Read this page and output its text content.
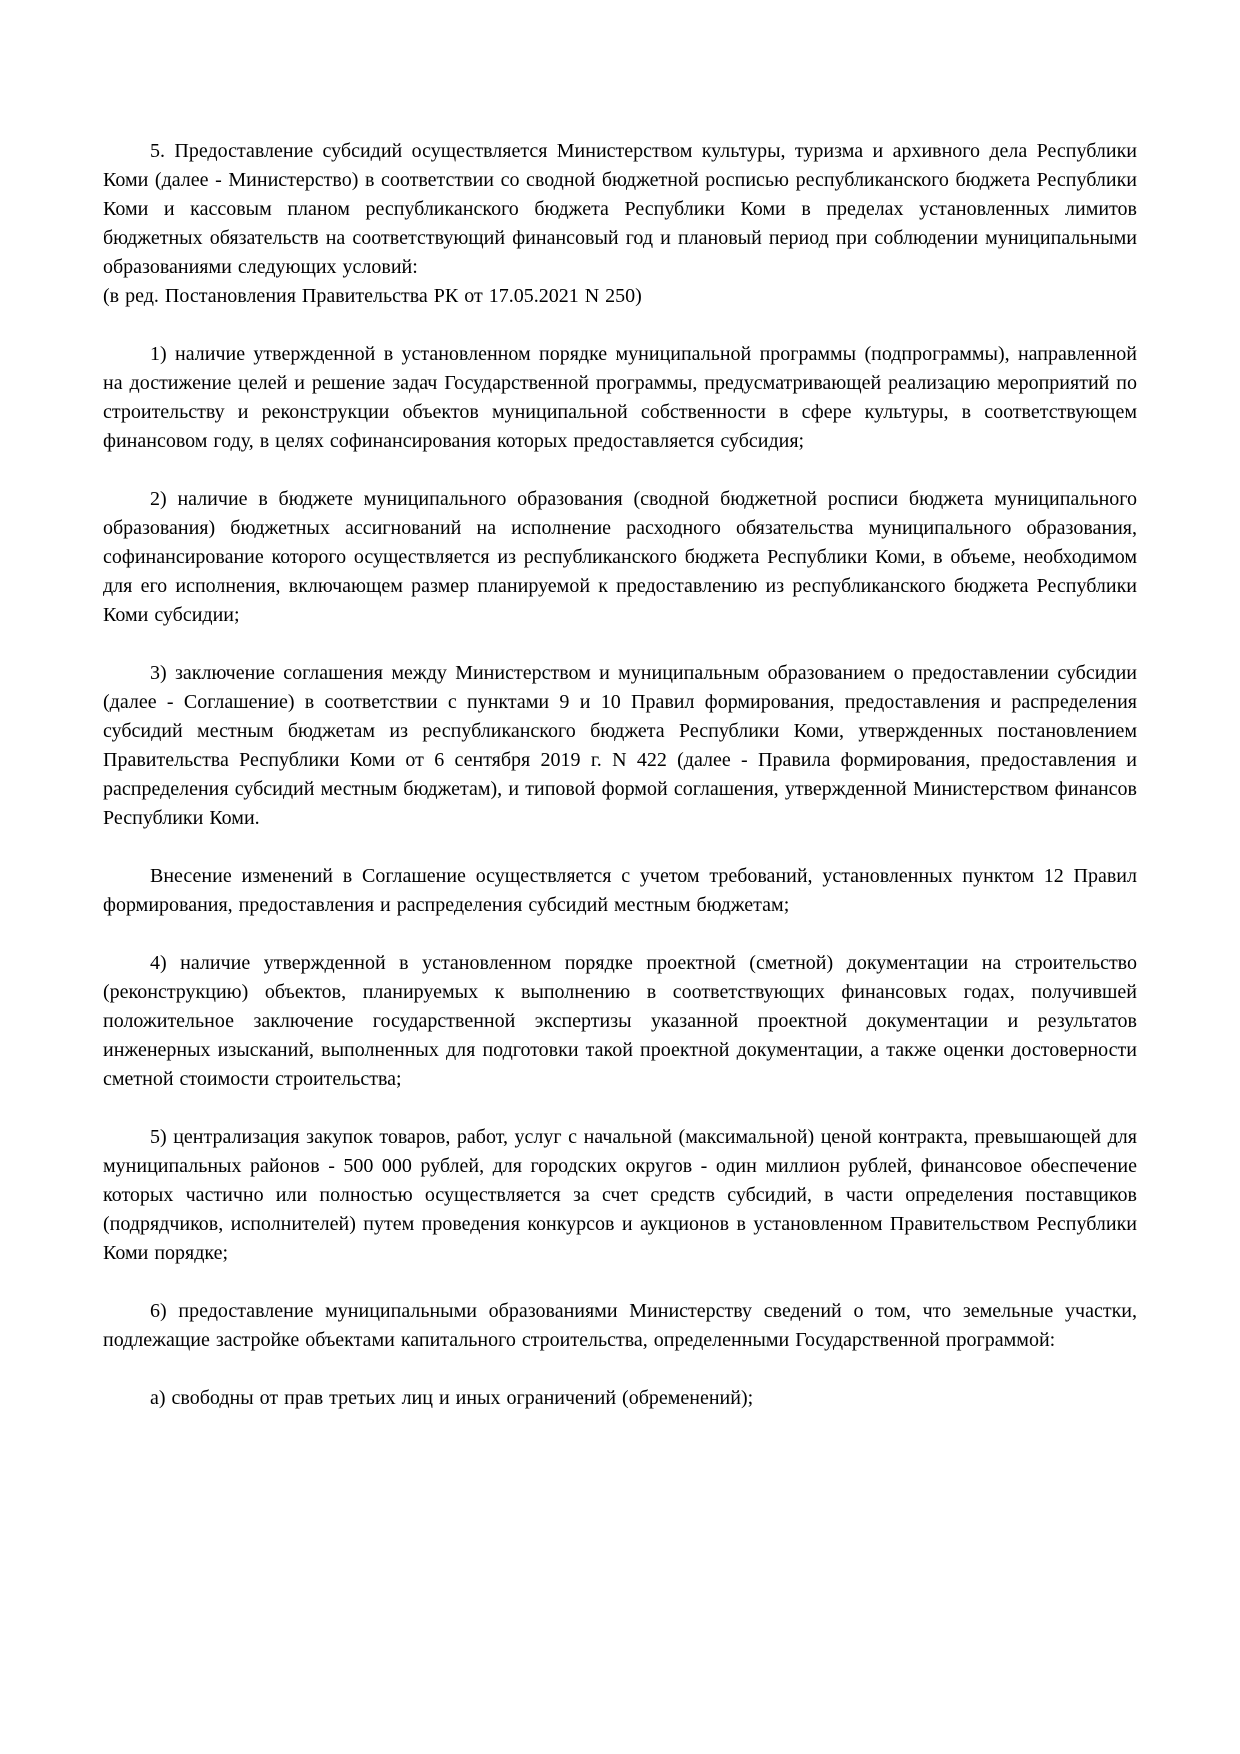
5. Предоставление субсидий осуществляется Министерством культуры, туризма и архивного дела Республики Коми (далее - Министерство) в соответствии со сводной бюджетной росписью республиканского бюджета Республики Коми и кассовым планом республиканского бюджета Республики Коми в пределах установленных лимитов бюджетных обязательств на соответствующий финансовый год и плановый период при соблюдении муниципальными образованиями следующих условий:

(в ред. Постановления Правительства РК от 17.05.2021 N 250)

1) наличие утвержденной в установленном порядке муниципальной программы (подпрограммы), направленной на достижение целей и решение задач Государственной программы, предусматривающей реализацию мероприятий по строительству и реконструкции объектов муниципальной собственности в сфере культуры, в соответствующем финансовом году, в целях софинансирования которых предоставляется субсидия;

2) наличие в бюджете муниципального образования (сводной бюджетной росписи бюджета муниципального образования) бюджетных ассигнований на исполнение расходного обязательства муниципального образования, софинансирование которого осуществляется из республиканского бюджета Республики Коми, в объеме, необходимом для его исполнения, включающем размер планируемой к предоставлению из республиканского бюджета Республики Коми субсидии;

3) заключение соглашения между Министерством и муниципальным образованием о предоставлении субсидии (далее - Соглашение) в соответствии с пунктами 9 и 10 Правил формирования, предоставления и распределения субсидий местным бюджетам из республиканского бюджета Республики Коми, утвержденных постановлением Правительства Республики Коми от 6 сентября 2019 г. N 422 (далее - Правила формирования, предоставления и распределения субсидий местным бюджетам), и типовой формой соглашения, утвержденной Министерством финансов Республики Коми.

Внесение изменений в Соглашение осуществляется с учетом требований, установленных пунктом 12 Правил формирования, предоставления и распределения субсидий местным бюджетам;

4) наличие утвержденной в установленном порядке проектной (сметной) документации на строительство (реконструкцию) объектов, планируемых к выполнению в соответствующих финансовых годах, получившей положительное заключение государственной экспертизы указанной проектной документации и результатов инженерных изысканий, выполненных для подготовки такой проектной документации, а также оценки достоверности сметной стоимости строительства;

5) централизация закупок товаров, работ, услуг с начальной (максимальной) ценой контракта, превышающей для муниципальных районов - 500 000 рублей, для городских округов - один миллион рублей, финансовое обеспечение которых частично или полностью осуществляется за счет средств субсидий, в части определения поставщиков (подрядчиков, исполнителей) путем проведения конкурсов и аукционов в установленном Правительством Республики Коми порядке;

6) предоставление муниципальными образованиями Министерству сведений о том, что земельные участки, подлежащие застройке объектами капитального строительства, определенными Государственной программой:

а) свободны от прав третьих лиц и иных ограничений (обременений);
